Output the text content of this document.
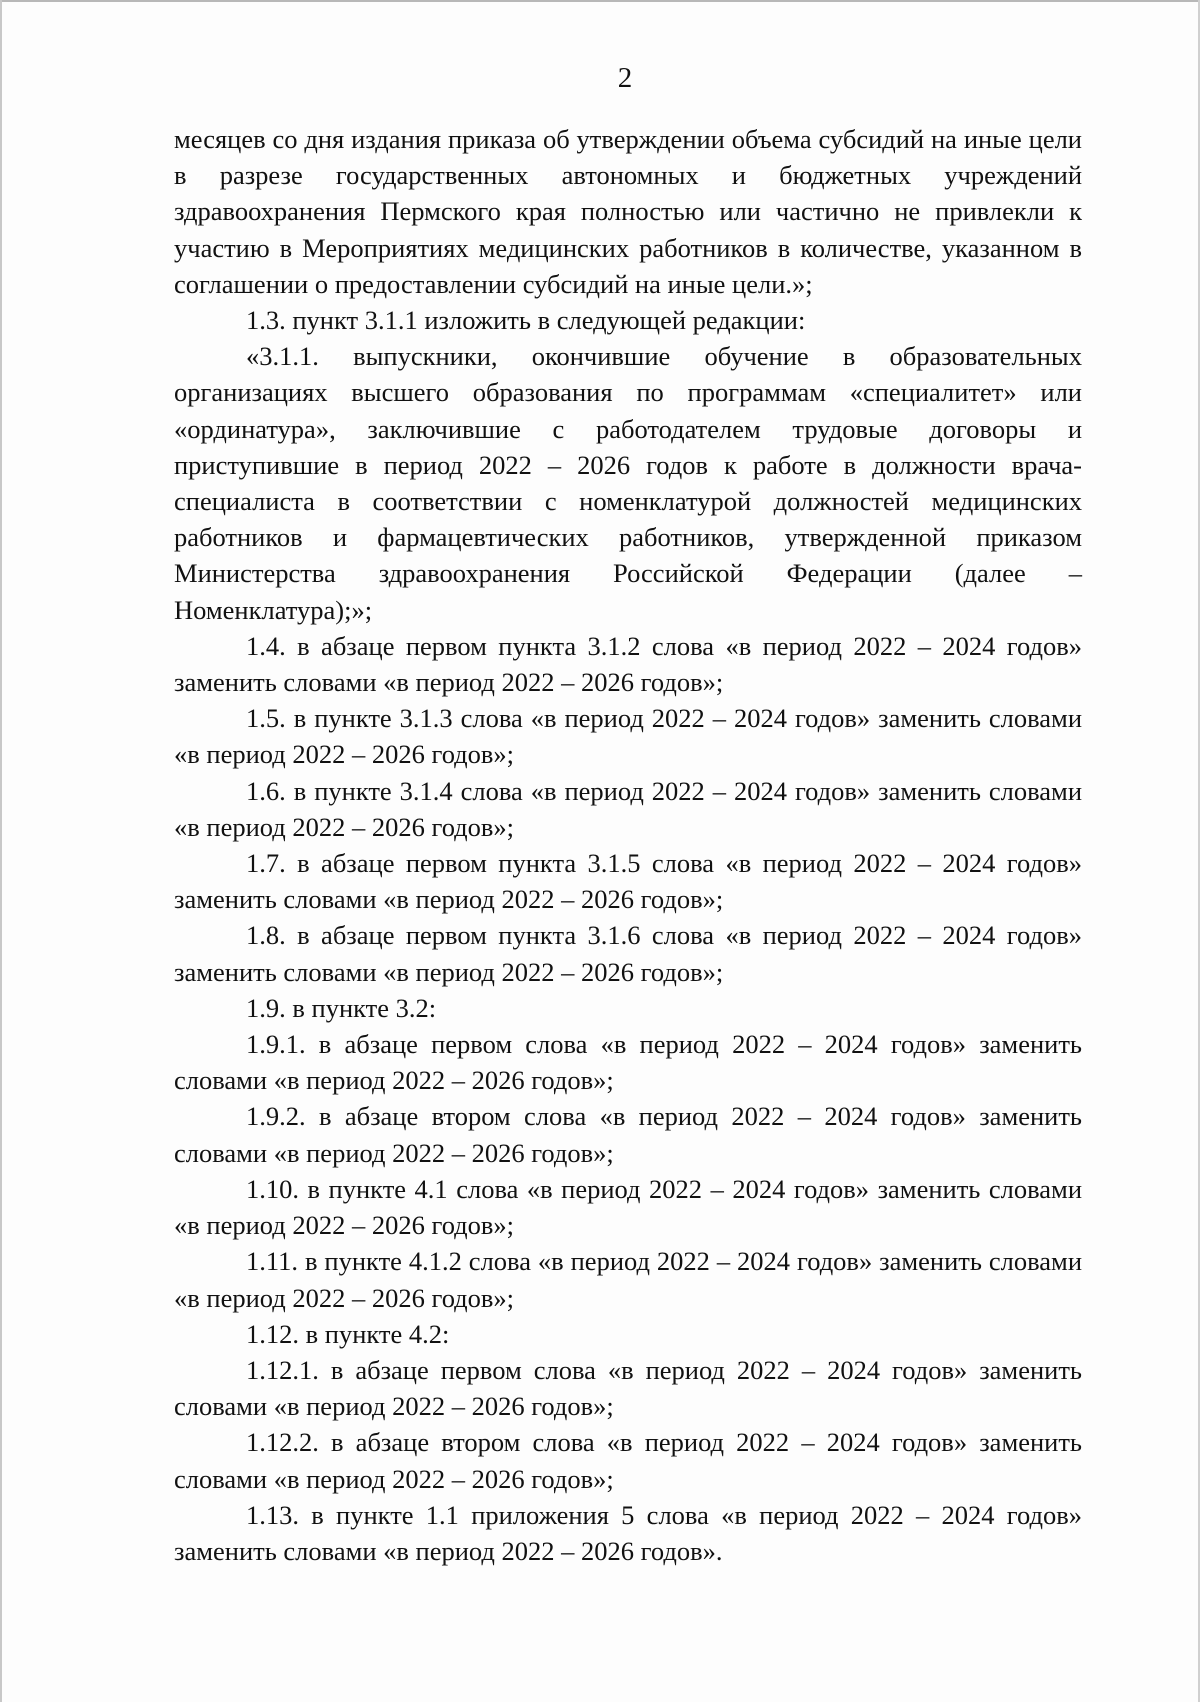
2

месяцев со дня издания приказа об утверждении объема субсидий на иные цели в разрезе государственных автономных и бюджетных учреждений здравоохранения Пермского края полностью или частично не привлекли к участию в Мероприятиях медицинских работников в количестве, указанном в соглашении о предоставлении субсидий на иные цели.»;

1.3. пункт 3.1.1 изложить в следующей редакции:

«3.1.1. выпускники, окончившие обучение в образовательных организациях высшего образования по программам «специалитет» или «ординатура», заключившие с работодателем трудовые договоры и приступившие в период 2022 – 2026 годов к работе в должности врача-специалиста в соответствии с номенклатурой должностей медицинских работников и фармацевтических работников, утвержденной приказом Министерства здравоохранения Российской Федерации (далее – Номенклатура);»;

1.4. в абзаце первом пункта 3.1.2 слова «в период 2022 – 2024 годов» заменить словами «в период 2022 – 2026 годов»;

1.5. в пункте 3.1.3 слова «в период 2022 – 2024 годов» заменить словами «в период 2022 – 2026 годов»;

1.6. в пункте 3.1.4 слова «в период 2022 – 2024 годов» заменить словами «в период 2022 – 2026 годов»;

1.7. в абзаце первом пункта 3.1.5 слова «в период 2022 – 2024 годов» заменить словами «в период 2022 – 2026 годов»;

1.8. в абзаце первом пункта 3.1.6 слова «в период 2022 – 2024 годов» заменить словами «в период 2022 – 2026 годов»;

1.9. в пункте 3.2:

1.9.1. в абзаце первом слова «в период 2022 – 2024 годов» заменить словами «в период 2022 – 2026 годов»;

1.9.2. в абзаце втором слова «в период 2022 – 2024 годов» заменить словами «в период 2022 – 2026 годов»;

1.10. в пункте 4.1 слова «в период 2022 – 2024 годов» заменить словами «в период 2022 – 2026 годов»;

1.11. в пункте 4.1.2 слова «в период 2022 – 2024 годов» заменить словами «в период 2022 – 2026 годов»;

1.12. в пункте 4.2:

1.12.1. в абзаце первом слова «в период 2022 – 2024 годов» заменить словами «в период 2022 – 2026 годов»;

1.12.2. в абзаце втором слова «в период 2022 – 2024 годов» заменить словами «в период 2022 – 2026 годов»;

1.13. в пункте 1.1 приложения 5 слова «в период 2022 – 2024 годов» заменить словами «в период 2022 – 2026 годов».
